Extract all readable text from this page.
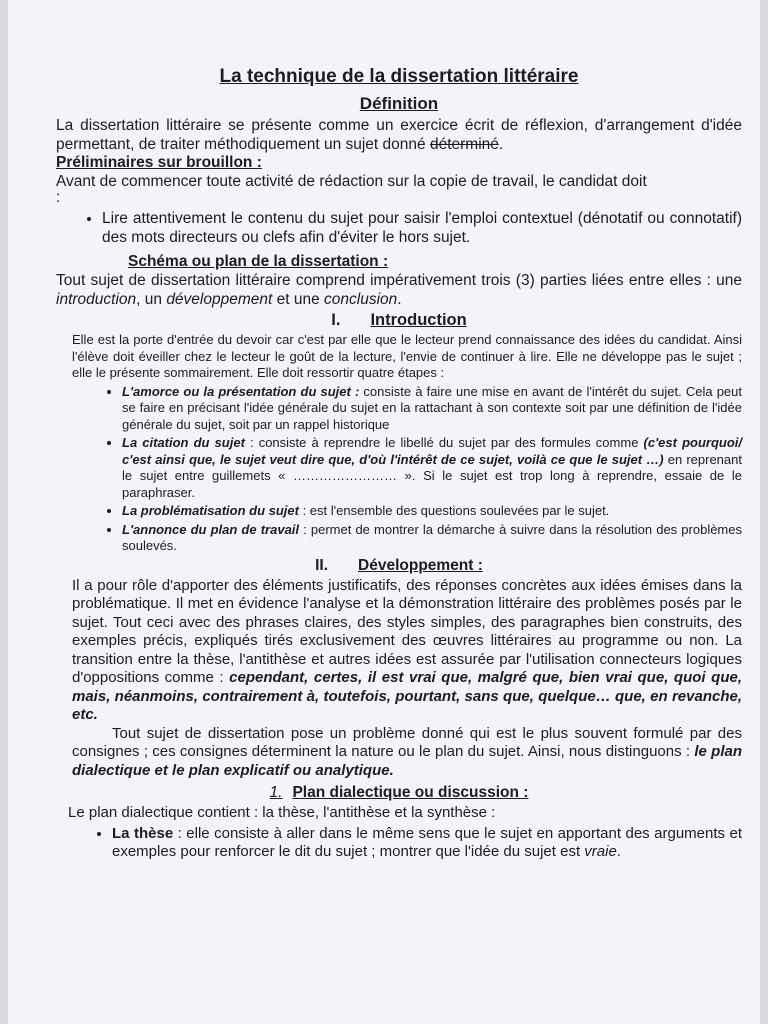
La technique de la dissertation littéraire

Définition

La dissertation littéraire se présente comme un exercice écrit de réflexion, d'arrangement d'idée permettant, de traiter méthodiquement un sujet donné déterminé.

Préliminaires sur brouillon :

Avant de commencer toute activité de rédaction sur la copie de travail, le candidat doit

:

• Lire attentivement le contenu du sujet pour saisir l'emploi contextuel (dénotatif ou connotatif) des mots directeurs ou clefs afin d'éviter le hors sujet.

Schéma ou plan de la dissertation :

Tout sujet de dissertation littéraire comprend impérativement trois (3) parties liées entre elles : une introduction, un développement et une conclusion.

I. Introduction

Elle est la porte d'entrée du devoir car c'est par elle que le lecteur prend connaissance des idées du candidat. Ainsi l'élève doit éveiller chez le lecteur le goût de la lecture, l'envie de continuer à lire. Elle ne développe pas le sujet ; elle le présente sommairement. Elle doit ressortir quatre étapes :

• L'amorce ou la présentation du sujet : consiste à faire une mise en avant de l'intérêt du sujet. Cela peut se faire en précisant l'idée générale du sujet en la rattachant à son contexte soit par une définition de l'idée générale du sujet, soit par un rappel historique
• La citation du sujet : consiste à reprendre le libellé du sujet par des formules comme (c'est pourquoi/ c'est ainsi que, le sujet veut dire que, d'où l'intérêt de ce sujet, voilà ce que le sujet …) en reprenant le sujet entre guillemets « …………………… ». Si le sujet est trop long à reprendre, essaie de le paraphraser.
• La problématisation du sujet : est l'ensemble des questions soulevées par le sujet.
• L'annonce du plan de travail : permet de montrer la démarche à suivre dans la résolution des problèmes soulevés.

II. Développement :

Il a pour rôle d'apporter des éléments justificatifs, des réponses concrètes aux idées émises dans la problématique. Il met en évidence l'analyse et la démonstration littéraire des problèmes posés par le sujet. Tout ceci avec des phrases claires, des styles simples, des paragraphes bien construits, des exemples précis, expliqués tirés exclusivement des œuvres littéraires au programme ou non. La transition entre la thèse, l'antithèse et autres idées est assurée par l'utilisation connecteurs logiques d'oppositions comme : cependant, certes, il est vrai que, malgré que, bien vrai que, quoi que, mais, néanmoins, contrairement à, toutefois, pourtant, sans que, quelque… que, en revanche, etc.

Tout sujet de dissertation pose un problème donné qui est le plus souvent formulé par des consignes ; ces consignes déterminent la nature ou le plan du sujet. Ainsi, nous distinguons : le plan dialectique et le plan explicatif ou analytique.

1. Plan dialectique ou discussion :

Le plan dialectique contient : la thèse, l'antithèse et la synthèse :

• La thèse : elle consiste à aller dans le même sens que le sujet en apportant des arguments et exemples pour renforcer le dit du sujet ; montrer que l'idée du sujet est vraie.
